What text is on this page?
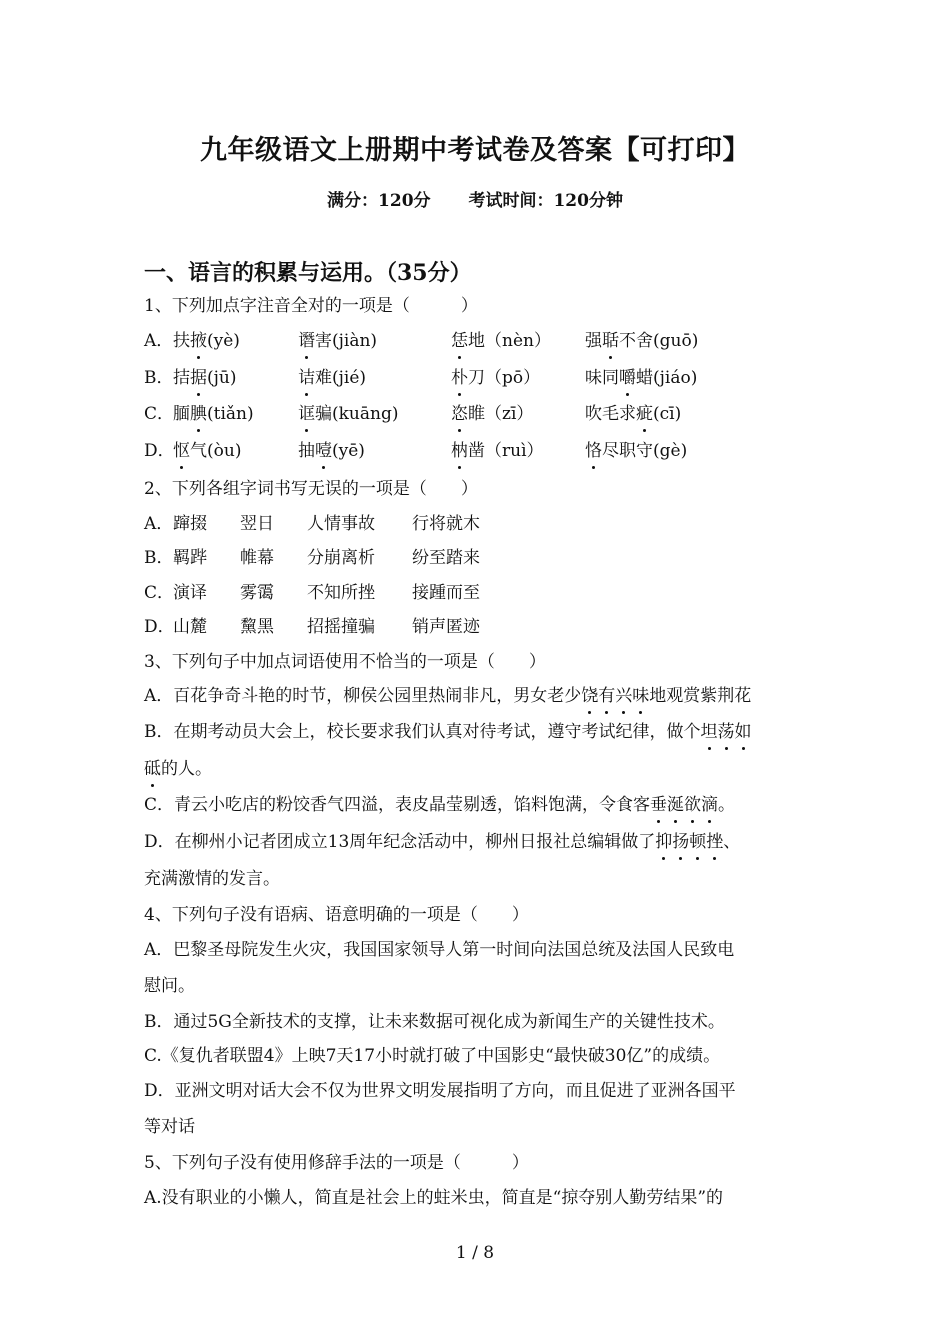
九年级语文上册期中考试卷及答案【可打印】
满分：120分 考试时间：120分钟
一、语言的积累与运用。（35分）
1、下列加点字注音全对的一项是（　　　）
A． 扶掖(yè)	谮害(jiàn)	恁地（nèn） 强聒不舍(guō)
B． 拮据(jū)	诘难(jié)	朴刀（pō）	味同嚼蜡(jiáo)
C．
腼腆(tiǎn)	诓骗(kuāng)	恣睢（zī）	吹毛求疵(cī)
D．
怄气(òu)	抽噎(yē)	枘凿（ruì） 恪尽职守(gè)
2、下列各组字词书写无误的一项是（　　）
A． 蹿掇 翌日 人情事故 行将就木
B． 羁跸 帷幕 分崩离析 纷至踏来
C．
演译 雾霭 不知所挫 接踵而至
D．
山麓 黧黑 招摇撞骗 销声匿迹
3、下列句子中加点词语使用不恰当的一项是（　　）
A．百花争奇斗艳的时节，柳侯公园里热闹非凡，男女老少饶有兴味地观赏紫荆花
B．在期考动员大会上，校长要求我们认真对待考试，遵守考试纪律，做个坦荡如
砥的人。
C．青云小吃店的粉饺香气四溢，表皮晶莹剔透，馅料饱满，令食客垂涎欲滴。
D．在柳州小记者团成立13周年纪念活动中，柳州日报社总编辑做了抑扬顿挫、
充满激情的发言。
4、下列句子没有语病、语意明确的一项是（　　）
A．巴黎圣母院发生火灾，我国国家领导人第一时间向法国总统及法国人民致电
慰问。
B．通过5G全新技术的支撑，让未来数据可视化成为新闻生产的关键性技术。
C.《复仇者联盟4》上映7天17小时就打破了中国影史“最快破30亿”的成绩。
D．亚洲文明对话大会不仅为世界文明发展指明了方向，而且促进了亚洲各国平
等对话
5、下列句子没有使用修辞手法的一项是（　　　）
A.没有职业的小懒人，简直是社会上的蛀米虫，简直是“掠夺别人勤劳结果”的
1 / 8
